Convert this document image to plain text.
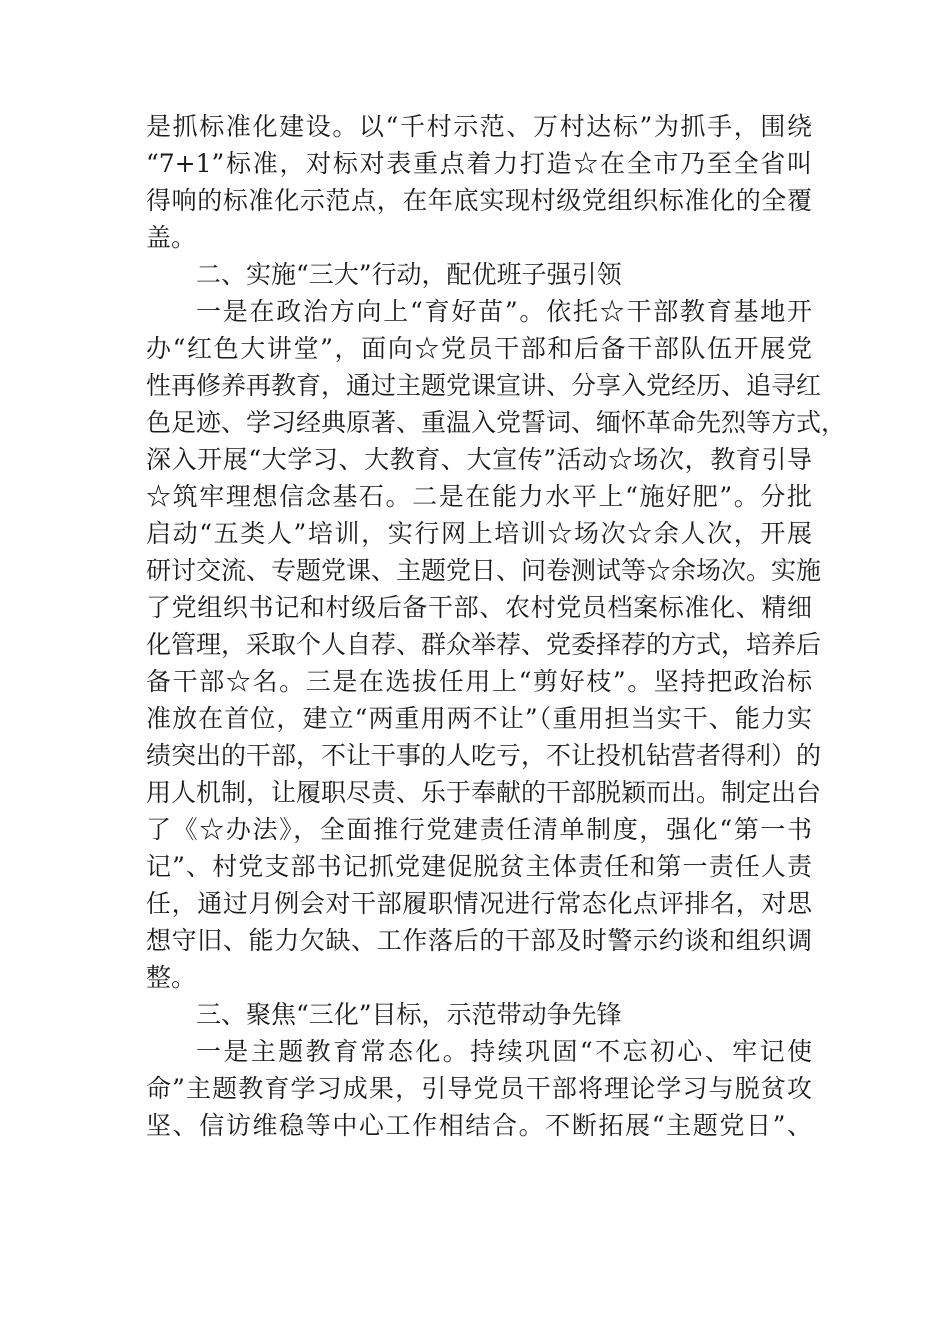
是抓标准化建设。以“千村示范、万村达标”为抓手，围绕
“7+1”标准，对标对表重点着力打造☆在全市乃至全省叫
得响的标准化示范点，在年底实现村级党组织标准化的全覆
盖。
二、实施“三大”行动，配优班子强引领
一是在政治方向上“育好苗”。依托☆干部教育基地开
办“红色大讲堂”，面向☆党员干部和后备干部队伍开展党
性再修养再教育，通过主题党课宣讲、分享入党经历、追寻红
色足迹、学习经典原著、重温入党誓词、缅怀革命先烈等方式，
深入开展“大学习、大教育、大宣传”活动☆场次，教育引导
☆筑牢理想信念基石。二是在能力水平上“施好肥”。分批
启动“五类人”培训，实行网上培训☆场次☆余人次，开展
研讨交流、专题党课、主题党日、问卷测试等☆余场次。实施
了党组织书记和村级后备干部、农村党员档案标准化、精细
化管理，采取个人自荐、群众举荐、党委择荐的方式，培养后
备干部☆名。三是在选拔任用上“剪好枝”。坚持把政治标
准放在首位，建立“两重用两不让”（重用担当实干、能力实
绩突出的干部，不让干事的人吃亏，不让投机钻营者得利）的
用人机制，让履职尽责、乐于奉献的干部脱颖而出。制定出台
了《☆办法》，全面推行党建责任清单制度，强化“第一书
记”、村党支部书记抓党建促脱贫主体责任和第一责任人责
任，通过月例会对干部履职情况进行常态化点评排名，对思
想守旧、能力欠缺、工作落后的干部及时警示约谈和组织调
整。
三、聚焦“三化”目标，示范带动争先锋
一是主题教育常态化。持续巩固“不忘初心、牢记使
命”主题教育学习成果，引导党员干部将理论学习与脱贫攻
坚、信访维稳等中心工作相结合。不断拓展“主题党日”、
